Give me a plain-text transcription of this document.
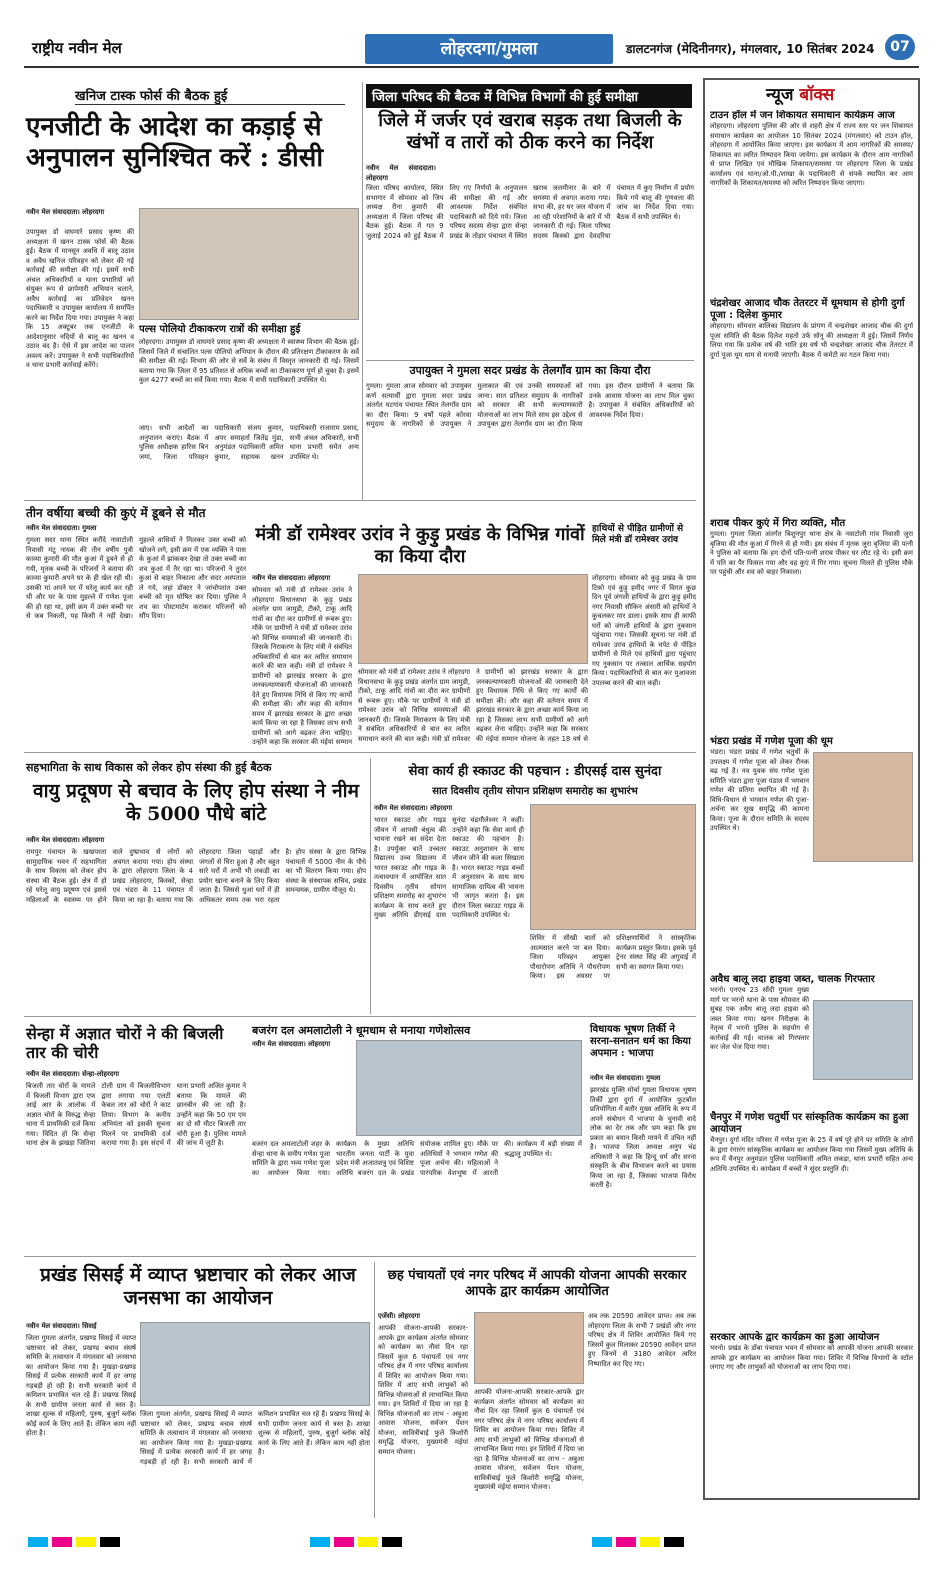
राष्ट्रीय नवीन मेल	लोहरदगा/गुमला	डालटनगंज (मेदिनीनगर), मंगलवार, 10 सितंबर 2024	07
खनिज टास्क फोर्स की बैठक हुई
एनजीटी के आदेश का कड़ाई से अनुपालन सुनिश्चित करें : डीसी
नवीन मेल संवाददाता। लोहरदगा
उपायुक्त डॉ वाघमारे प्रसाद कृष्ण की अध्यक्षता में खनन टास्क फोर्स की बैठक हुई। बैठक में मानसून अवधि में बालू उठाव व अवैध खनिज परिवहन को लेकर की गई कार्रवाई की समीक्षा की गई। इसमें सभी अंचल अधिकारियों व थाना प्रभारियों को संयुक्त रूप से छापेमारी अभियान चलाने, अवैध कार्रवाई का प्रतिवेदन खनन पदाधिकारी व उपायुक्त कार्यालय में समर्पित करने का निर्देश दिया गया। उपायुक्त ने कहा कि 15 अक्टूबर तक एनजीटी के आदेशानुसार नदियों से बालू का खनन व उठाव बंद है। ऐसे में इस आदेश का पालन अवश्य करें। उपायुक्त ने सभी पदाधिकारियों व थाना प्रभारी कार्रवाई करेंगे।
पल्स पोलियो टीकाकरण रात्रों की समीक्षा हुई
लोहरदगा। उपायुक्त डॉ वाघमारे प्रसाद कृष्ण की अध्यक्षता में स्वास्थ्य विभाग की बैठक हुई। जिसमें जिले में संचालित पल्स पोलियो अभियान के दौरान की प्रतिरक्षण टीकाकरण के सर्वे की समीक्षा की गई। विभाग की ओर से सर्वे के संबंध में विस्तृत जानकारी दी गई। जिसमें बताया गया कि जिला में 95 प्रतिशत से अधिक बच्चों का टीकाकरण पूर्ण हो चुका है। इसमें कुल 4277 बच्चों का सर्वे किया गया। बैठक में सभी पदाधिकारी उपस्थित थे।
जाए। सभी आदेशों का अनुपालन कराएं। बैठक में पुलिस अधीक्षक हारिस बिन जमां, जिला परिवहन पदाधिकारी संजय कुमार, अपर समाहर्ता जितेंद्र मुंडा, अनुमंडल पदाधिकारी अमित कुमार, सहायक खनन पदाधिकारी राजाराम प्रसाद, सभी अंचल अधिकारी, सभी थाना प्रभारी समेत अन्य उपस्थित थे।
जिला परिषद की बैठक में विभिन्न विभागों की हुई समीक्षा
जिले में जर्जर एवं खराब सड़क तथा बिजली के खंभों व तारों को ठीक करने का निर्देश
नवीन मेल संवाददाता। लोहरदगा
जिला परिषद कार्यालय, स्थित सभागार में सोमवार को जिप अध्यक्ष रीना कुमारी की अध्यक्षता में जिला परिषद की बैठक हुई। बैठक में गत 9 जुलाई 2024 को हुई बैठक में लिए गए निर्णयों के अनुपालन की समीक्षा की गई और आवश्यक निर्देश संबंधित पदाधिकारी को दिये गये। जिला परिषद सदस्य सेन्हा द्वारा सेन्हा प्रखंड के तोड़ार पंचायत में स्थित खराब जलमीनार के बारे में समस्या से अवगत कराया गया। सभा की, हर घर जल योजना में आ रही परेशानियों के बारे में भी जानकारी दी गई। जिला परिषद सदस्य किस्को द्वारा देवदरिया पंचायत में कुए निर्माण में प्रयोग किये गये बालू की गुणवत्ता की जांच का निर्देश दिया गया। बैठक में सभी उपस्थित थे।
उपायुक्त ने गुमला सदर प्रखंड के तेलगाँव ग्राम का किया दौरा
गुमला। गुमला आज सोमवार को उपायुक्त कर्ण सत्यार्थी द्वारा गुमला सदर प्रखंड अंतर्गत घटगांव पंचायत स्थित तेलगाँव ग्राम का दौरा किया। 9 वर्षों पहले कोरवा समुदाय के नागरिकों से उपायुक्त ने मुलाकात की एवं उनकी समस्याओं को जाना। सात प्रतिशत समुदाय के नागरिकों को सरकार की सभी कल्याणकारी योजनाओं का लाभ मिले साथ इस उद्देश्य से उपायुक्त द्वारा तेलगाँव ग्राम का दौरा किया गया। इस दौरान ग्रामीणों ने बताया कि उनके आवास योजना का लाभ मिल चुका है। उपायुक्त ने संबंधित अधिकारियों को आवश्यक निर्देश दिया।
तीन वर्षीया बच्ची की कुएं में डूबने से मौत
नवीन मेल संवाददाता। गुमला
गुमला सदर थाना स्थित करौंदे नावाटोली निवासी मंटू नायक की तीन वर्षीय पुत्री काव्या कुमारी की मौत कुआं में डूबने से हो गयी, मृतक बच्ची के परिजनों ने बताया की काव्या कुमारी अपने घर के ही खेल रही थी। उसकी मां अपने घर में घरेलू कार्य कर रही थी और घर के पास मुहल्ले में गणेश पूजा की हो रहा था, इसी क्रम में उक्त बच्ची घर से कब निकली, यह किसी ने नहीं देखा। मुहल्ले वासियों ने मिलकर उक्त बच्ची को खोजने लगे, इसी क्रम में एक व्यक्ति ने पास के कुआं में झांककर देखा तो उक्त बच्ची का शव कुआं में तैर रहा था। परिजनों ने तुरंत कुआं से बाहर निकाला और सदर अस्पताल ले गये, जहां डॉक्टर ने जांचोपरांत उक्त बच्ची को मृत घोषित कर दिया। पुलिस ने शव का पोस्टमार्टम कराकर परिजनों को सौंप दिया।
मंत्री डॉ रामेश्वर उरांव ने कुड़ु प्रखंड के विभिन्न गांवों का किया दौरा
नवीन मेल संवाददाता। लोहरदगा
सोमवार को मंत्री डॉ रामेश्वर उरांव ने लोहरदगा विधानसभा के कुड़ु प्रखंड अंतर्गत ग्राम जामुडी, टीको, टाकू आदि गांवों का दौरा कर ग्रामीणों से रूबरू हुए। मौके पर ग्रामीणों ने मंत्री डॉ रामेश्वर उरांव को विभिन्न समस्याओं की जानकारी दी। जिसके निराकरण के लिए मंत्री ने संबंधित अधिकारियों से बात कर त्वरित समाधान करने की बात कही। मंत्री डॉ रामेश्वर ने ग्रामीणों को झारखंड सरकार के द्वारा जनकल्याणकारी योजनाओं की जानकारी देते हुए विधायक निधि से किए गए कार्यों की समीक्षा की। और कहा की वर्तमान समय में झारखंड सरकार के द्वारा अच्छा कार्य किया जा रहा है जिसका लाभ सभी ग्रामीणों को आगे बढ़कर लेना चाहिए। उन्होंने कहा कि सरकार की मंईयां सम्मान
सोमवार को मंत्री डॉ रामेश्वर उरांव ने लोहरदगा विधानसभा के कुड़ु प्रखंड अंतर्गत ग्राम जामुडी, टीको, टाकू आदि गांवों का दौरा कर ग्रामीणों से रूबरू हुए। मौके पर ग्रामीणों ने मंत्री डॉ रामेश्वर उरांव को विभिन्न समस्याओं की जानकारी दी। जिसके निराकरण के लिए मंत्री ने संबंधित अधिकारियों से बात कर त्वरित समाधान करने की बात कही। मंत्री डॉ रामेश्वर ने ग्रामीणों को झारखंड सरकार के द्वारा जनकल्याणकारी योजनाओं की जानकारी देते हुए विधायक निधि से किए गए कार्यों की समीक्षा की। और कहा की वर्तमान समय में झारखंड सरकार के द्वारा अच्छा कार्य किया जा रहा है जिसका लाभ सभी ग्रामीणों को आगे बढ़कर लेना चाहिए। उन्होंने कहा कि सरकार की मंईयां सम्मान योजना के तहत 18 वर्ष से
हाथियों से पीड़ित ग्रामीणों से मिले मंत्री डॉ रामेश्वर उरांव
लोहरदगा। सोमवार को कुड़ु प्रखंड के ग्राम टिको एवं कुड़ु हमीद नगर में विगत कुछ दिन पूर्व जंगली हाथियों के द्वारा कुड़ु हमीद नगर निवासी सौकिन अंसारी को हाथियों ने कुचलकर मार डाला। इसके साथ ही काफी घरों को जंगली हाथियों के द्वारा नुकसान पहुंचाया गया। जिसकी सूचना पर मंत्री डॉ रामेश्वर उरांव हाथियों के चपेट से पीड़ित ग्रामीणों से मिले एवं हाथियों द्वारा पहुंचाए गए नुकसान पर तत्काल आर्थिक सहयोग किया। पदाधिकारियों से बात कर मुआवजा उपलब्ध करने की बात कही।
सहभागिता के साथ विकास को लेकर होप संस्था की हुई बैठक
वायु प्रदूषण से बचाव के लिए होप संस्था ने नीम के 5000 पौधे बांटे
नवीन मेल संवाददाता। लोहरदगा
रामपुर पंचायत के खखपरता सामुदायिक भवन में सहभागिता के साथ विकास को लेकर होप संस्था की बैठक हुई। क्षेत्र में हो रहे घरेलू वायु प्रदूषण एवं इससे महिलाओं के स्वास्थ्य पर होने वाले दुष्प्रभाव से लोगों को अवगत कराया गया। होप संस्था के द्वारा लोहरदगा जिला के 4 प्रखंड लोहरदगा, किस्को, सेन्हा एवं भंडरा के 11 पंचायत में किया जा रहा है। बताया गया कि लोहरदगा जिला पहाड़ों और जंगलों से घिरा हुआ है और बहुत सारे घरों में अभी भी लकड़ी का प्रयोग खाना बनाने के लिए किया जाता है। जिससे धुआं घरों में ही अधिकतर समय तक भरा रहता है। होप संस्था के द्वारा विभिन्न पंचायतों में 5000 नीम के पौधे का भी वितरण किया गया। होप संस्था के संस्थापक सचिव, प्रखंड समन्वयक, ग्रामीण मौजूद थे।
सेवा कार्य ही स्काउट की पहचान : डीएसई दास सुनंदा
सात दिवसीय तृतीय सोपान प्रशिक्षण समारोह का शुभारंभ
नवीन मेल संवाददाता। लोहरदगा
भारत स्काउट और गाइड जीवन में आपसी बंधुत्व की भावना रखने का संदेश देता है। उपर्युक्त बातें उच्चतर विद्यालय उच्च विद्यालय में भारत स्काउट और गाइड के तत्वावधान में आयोजित सात दिवसीय तृतीय सोपान प्रशिक्षण समारोह का शुभारंभ कार्यक्रम के साथ करते हुए मुख्य अतिथि डीएसई दास सुनंदा चंद्रमौलेश्वर ने कहीं। उन्होंने कहा कि सेवा कार्य ही स्काउट की पहचान है। स्काउट अनुशासन के साथ जीवन जीने की कला सिखाता है। भारत स्काउट गाइड बच्चों में अनुशासन के साथ साथ सामाजिक दायित्व की भावना भी जागृत करता है। इस दौरान जिला स्काउट गाइड के पदाधिकारी उपस्थित थे।
शिविर में सीखी बातों को आत्मसात करने पर बल दिया। जिला परिवहन आयुक्त पौधारोपण अतिथि ने पौधरोपण किया। इस अवसर पर प्रशिक्षणार्थियों ने सांस्कृतिक कार्यक्रम प्रस्तुत किया। इसके पूर्व ट्रेनर संस्था सिंह की अगुवाई में सभी का स्वागत किया गया।
सेन्हा में अज्ञात चोरों ने की बिजली तार की चोरी
नवीन मेल संवाददाता। सेन्हा-लोहरदगा
बिजली तार चोरों के मामले में बिजली विभाग द्वारा एफ आई आर के आलोक में अज्ञात चोरों के विरुद्ध सेन्हा थाना में प्राथमिकी दर्ज किया गया। विदित हो कि सेन्हा थाना क्षेत्र के झखड़ा जितिया टोली ग्राम में बिजलीविभाग द्वारा लगाया गया एलटी केबल तार को चोरों ने काट लिया। विभाग के कनीय अभियंता को इसकी सूचना मिलने पर प्राथमिकी दर्ज कराया गया है। इस संदर्भ में थाना प्रभारी अजित कुमार ने बताया कि मामले की छानबीन की जा रही है। उन्होंने कहा कि 50 एम एम का दो सौ मीटर बिजली तार चोरी हुआ है। पुलिस मामले की जांच में जुटी है।
बजरंग दल अमलाटोली ने धूमधाम से मनाया गणेशोत्सव
नवीन मेल संवाददाता। लोहरदगा
बजरंग दल अमलाटोली शहर के सेन्हा थाना के समीप गणेश पूजा समिति के द्वारा भव्य गणेश पूजा का आयोजन किया गया। कार्यक्रम के मुख्य अतिथि भारतीय जनता पार्टी के युवा प्रदेश मंत्री अजातशत्रु एवं विशिष्ट अतिथि बजरंग दल के प्रखंड संयोजक शामिल हुए। मौके पर अतिथियों ने भगवान गणेश की पूजा अर्चना की। महिलाओं ने पारंपरिक वेशभूषा में आरती की। कार्यक्रम में बड़ी संख्या में श्रद्धालु उपस्थित थे।
विधायक भूषण तिर्की ने सरना-सनातन धर्म का किया अपमान : भाजपा
नवीन मेल संवाददाता। गुमला
झारखंड मुक्ति मोर्चा गुमला विधायक भूषण तिर्की द्वारा दुर्गा में आयोजित फुटबॉल प्रतियोगिता में बतौर मुख्य अतिथि के रूप में अपने संबोधन में भाजपा के चुनावी वादे लोक का देर तक और भ्रम कहा कि इस प्रकार का बयान किसी मायने में उचित नहीं है। भाजपा जिला अध्यक्ष अनुप चंद्र अधिकारी ने कहा कि हिन्दू धर्म और सरना संस्कृति के बीच विभाजन करने का प्रयास किया जा रहा है, जिसका भाजपा विरोध करती है।
प्रखंड सिसई में व्याप्त भ्रष्टाचार को लेकर आज जनसभा का आयोजन
नवीन मेल संवाददाता। सिसई
जिला गुमला अंतर्गत, प्रखण्ड सिसई में व्याप्त भ्रष्टाचार को लेकर, प्रखण्ड बचाव संघर्ष समिति के तत्वाधान में मंगलवार को जनसभा का आयोजन किया गया है। मुखड़ा-प्रखण्ड सिसई में प्रत्येक सरकारी कार्य में हर जगह गड़बड़ी हो रही है। सभी सरकारी कार्य में कमिशन प्रभावित चल रहे हैं। प्रखण्ड सिसई के सभी ग्रामीण जनता कार्य से त्रस्त है। शाखा शुल्क से महिलाएँ, पुरुष, बुजुर्ग ब्लॉक कोई कार्य के लिए आते हैं। लेकिन काम नहीं होता है।
जिला गुमला अंतर्गत, प्रखण्ड सिसई में व्याप्त भ्रष्टाचार को लेकर, प्रखण्ड बचाव संघर्ष समिति के तत्वाधान में मंगलवार को जनसभा का आयोजन किया गया है। मुखड़ा-प्रखण्ड सिसई में प्रत्येक सरकारी कार्य में हर जगह गड़बड़ी हो रही है। सभी सरकारी कार्य में कमिशन प्रभावित चल रहे हैं। प्रखण्ड सिसई के सभी ग्रामीण जनता कार्य से त्रस्त है। शाखा शुल्क से महिलाएँ, पुरुष, बुजुर्ग ब्लॉक कोई कार्य के लिए आते हैं। लेकिन काम नहीं होता है।
छह पंचायतों एवं नगर परिषद में आपकी योजना आपकी सरकार आपके द्वार कार्यक्रम आयोजित
एजेंसी। लोहरदगा
आपकी योजना-आपकी सरकार-आपके द्वार कार्यक्रम अंतर्गत सोमवार को कार्यक्रम का नौवां दिन रहा जिसमें कुल 6 पंचायतों एवं नगर परिषद क्षेत्र में नगर परिषद कार्यालय में शिविर का आयोजन किया गया। शिविर में आए सभी लाभुकों को विभिन्न योजनाओं से लाभान्वित किया गया। इन शिविरों में दिया जा रहा है विभिन्न योजनाओं का लाभ - अबुआ आवास योजना, सर्वजन पेंशन योजना, सावित्रीबाई फुले किशोरी समृद्धि योजना, मुख्यमंत्री मंईयां सम्मान योजना।
आपकी योजना-आपकी सरकार-आपके द्वार कार्यक्रम अंतर्गत सोमवार को कार्यक्रम का नौवां दिन रहा जिसमें कुल 6 पंचायतों एवं नगर परिषद क्षेत्र में नगर परिषद कार्यालय में शिविर का आयोजन किया गया। शिविर में आए सभी लाभुकों को विभिन्न योजनाओं से लाभान्वित किया गया। इन शिविरों में दिया जा रहा है विभिन्न योजनाओं का लाभ - अबुआ आवास योजना, सर्वजन पेंशन योजना, सावित्रीबाई फुले किशोरी समृद्धि योजना, मुख्यमंत्री मंईयां सम्मान योजना।
अब तक 20590 आवेदन प्राप्त। अब तक लोहरदगा जिला के सभी 7 प्रखंडों और नगर परिषद क्षेत्र में शिविर आयोजित किये गए जिसमें कुल मिलाकर 20590 आवेदन प्राप्त हुए जिनमें से 3180 आवेदन त्वरित निष्पादित कर दिए गए।
न्यूज बॉक्स
टाउन हॉल में जन शिकायत समाधान कार्यक्रम आज
लोहरदगा। लोहरदगा पुलिस की ओर से शहरी क्षेत्र में राज्य स्तर पर जन शिकायत समाधान कार्यक्रम का आयोजन 10 सितंबर 2024 (मंगलवार) को टाउन हॉल, लोहरदगा में आयोजित किया जाएगा। इस कार्यक्रम में आम नागरिकों की समस्या/शिकायत का त्वरित निष्पादन किया जायेगा। इस कार्यक्रम के दौरान आम नागरिकों से प्राप्त लिखित एवं मौखिक शिकायत/समस्या पर लोहरदगा जिला के प्रखंड कार्यालय एवं थाना/ओ.पी./शाखा के पदाधिकारी से संपर्क स्थापित कर आम नागरिकों के शिकायत/समस्या को त्वरित निष्पादन किया जाएगा।
चंद्रशेखर आजाद चौक तेतरटर में धूमधाम से होगी दुर्गा पूजा : दिलेश कुमार
लोहरदगा। सोमवार बालिका विद्यालय के प्रांगण में चन्द्रशेखर आजाद चौक की दुर्गा पूजा समिति की बैठक दिलेश महतो उर्फ सोनू की अध्यक्षता में हुई। जिसमें निर्णय लिया गया कि प्रत्येक वर्ष की भांति इस वर्ष भी चन्द्रशेखर आजाद चौक तेतरटर में दुर्गा पूजा धूम धाम से मनायी जाएगी। बैठक में कमेटी का गठन किया गया।
शराब पीकर कुएं में गिरा व्यक्ति, मौत
गुमला। गुमला जिला अंतर्गत बिशुनपुर थाना क्षेत्र के नवाटोली गांव निवासी जुरा बृजिया की मौत कुआं में गिरने से हो गयी। इस संबंध में मृतक जुरा बृजिया की पत्नी ने पुलिस को बताया कि हम दोनों पति-पत्नी शराब पीकर घर लौट रहे थे। इसी क्रम में पति का पैर फिसल गया और वह कुएं में गिर गया। सूचना मिलते ही पुलिस मौके पर पहुंची और शव को बाहर निकाला।
भंडरा प्रखंड में गणेश पूजा की धूम
भंडरा। भंडरा प्रखंड में गणेश चतुर्थी के उपलक्ष्य में गणेश पूजा को लेकर रौनक बढ़ गई है। नव युवक संघ गणेश पूजा समिति भंडरा द्वारा पूजा पंडाल में भगवान गणेश की प्रतिमा स्थापित की गई है। विधि-विधान से भगवान गणेश की पूजा-अर्चना कर सुख समृद्धि की कामना किया। पूजा के दौरान समिति के सदस्य उपस्थित थे।
अवैध बालू लदा हाइवा जब्त, चालक गिरफ्तार
भरनो। एनएच 23 सोंदी गुमला मुख्य मार्ग पर भरनो थाना के पास सोमवार की सुबह एक अवैध बालू लदा हाइवा को जब्त किया गया। खनन निरीक्षक के नेतृत्व में भरनो पुलिस के सहयोग से कार्रवाई की गई। चालक को गिरफ्तार कर जेल भेज दिया गया।
चैनपुर में गणेश चतुर्थी पर सांस्कृतिक कार्यक्रम का हुआ आयोजन
चैनपुर। दुर्गा मंदिर परिसर में गणेश पूजा के 25 वें वर्ष पूरे होने पर समिति के लोगों के द्वारा रंगारंग सांस्कृतिक कार्यक्रम का आयोजन किया गया जिसमें मुख्य अतिथि के रूप में चैनपुर अनुमंडल पुलिस पदाधिकारी अमित लकड़ा, थाना प्रभारी सहित अन्य अतिथि उपस्थित थे। कार्यक्रम में बच्चों ने सुंदर प्रस्तुति दी।
सरकार आपके द्वार कार्यक्रम का हुआ आयोजन
भरनो। प्रखंड के डोंबा पंचायत भवन में सोमवार को आपकी योजना आपकी सरकार आपके द्वार कार्यक्रम का आयोजन किया गया। शिविर में विभिन्न विभागों के स्टॉल लगाए गए और लाभुकों को योजनाओं का लाभ दिया गया।
